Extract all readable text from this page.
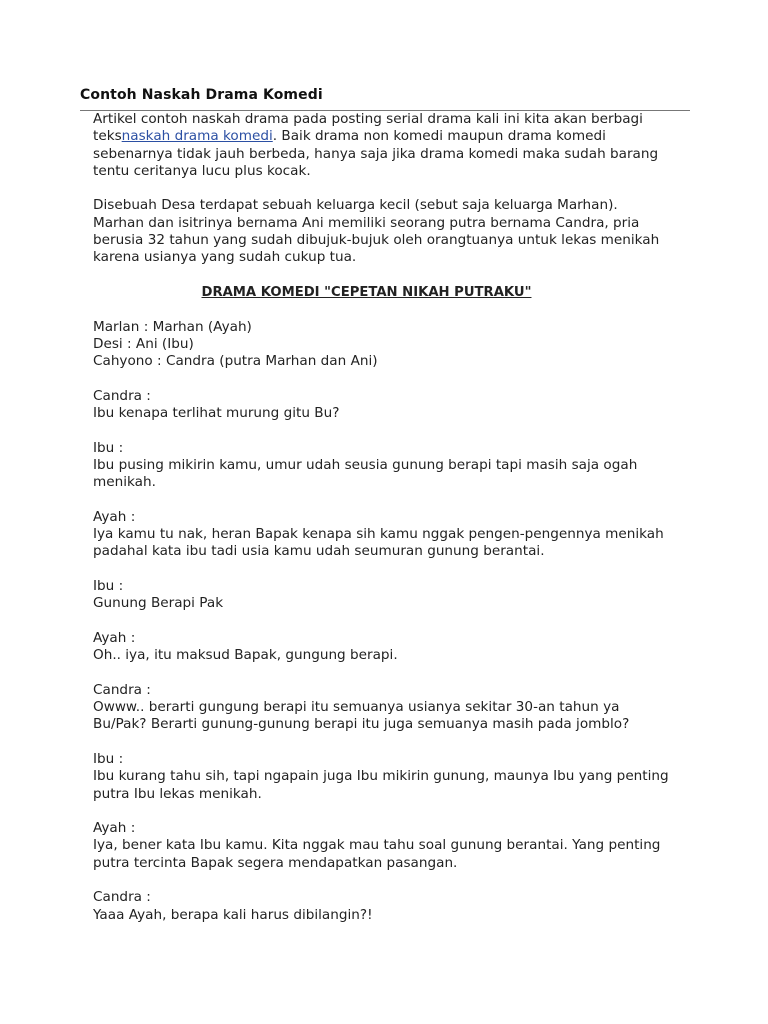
Contoh Naskah Drama Komedi
Artikel contoh naskah drama pada posting serial drama kali ini kita akan berbagi
teksnaskah drama komedi. Baik drama non komedi maupun drama komedi
sebenarnya tidak jauh berbeda, hanya saja jika drama komedi maka sudah barang
tentu ceritanya lucu plus kocak.
Disebuah Desa terdapat sebuah keluarga kecil (sebut saja keluarga Marhan).
Marhan dan isitrinya bernama Ani memiliki seorang putra bernama Candra, pria
berusia 32 tahun yang sudah dibujuk-bujuk oleh orangtuanya untuk lekas menikah
karena usianya yang sudah cukup tua.
DRAMA KOMEDI "CEPETAN NIKAH PUTRAKU"
Marlan : Marhan (Ayah)
Desi : Ani (Ibu)
Cahyono : Candra (putra Marhan dan Ani)
Candra :
Ibu kenapa terlihat murung gitu Bu?
Ibu :
Ibu pusing mikirin kamu, umur udah seusia gunung berapi tapi masih saja ogah
menikah.
Ayah :
Iya kamu tu nak, heran Bapak kenapa sih kamu nggak pengen-pengennya menikah
padahal kata ibu tadi usia kamu udah seumuran gunung berantai.
Ibu :
Gunung Berapi Pak
Ayah :
Oh.. iya, itu maksud Bapak, gungung berapi.
Candra :
Owww.. berarti gungung berapi itu semuanya usianya sekitar 30-an tahun ya
Bu/Pak? Berarti gunung-gunung berapi itu juga semuanya masih pada jomblo?
Ibu :
Ibu kurang tahu sih, tapi ngapain juga Ibu mikirin gunung, maunya Ibu yang penting
putra Ibu lekas menikah.
Ayah :
Iya, bener kata Ibu kamu. Kita nggak mau tahu soal gunung berantai. Yang penting
putra tercinta Bapak segera mendapatkan pasangan.
Candra :
Yaaa Ayah, berapa kali harus dibilangin?!
